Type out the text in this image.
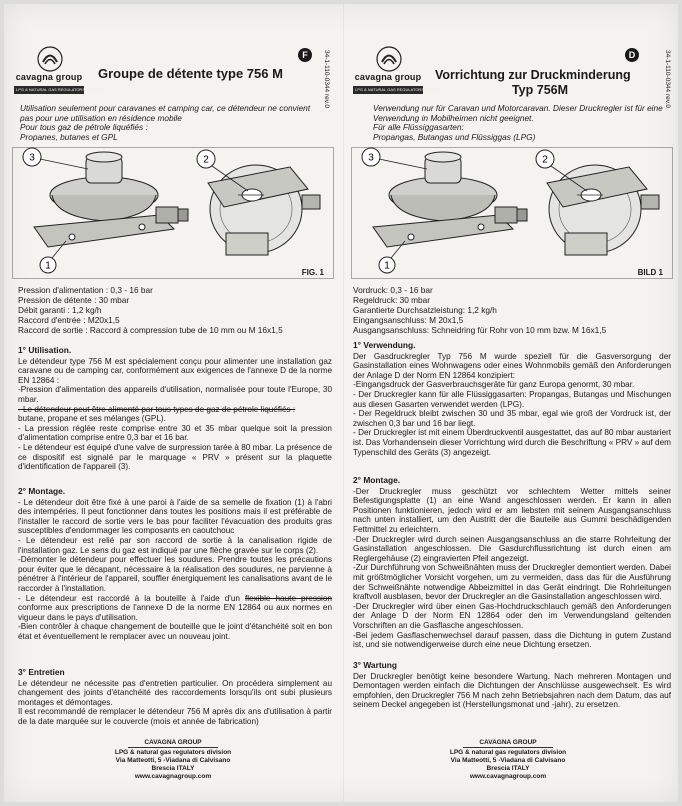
cavagna group
LPG & NATURAL GAS REGULATORS DIVISION
Groupe de détente type 756 M
F	34-1-110-0344 rev.0
Utilisation seulement pour caravanes et camping car, ce détendeur ne convient
pas pour une utilisation en résidence mobile
Pour tous gaz de pétrole liquéfiés :
Propanes, butanes et GPL
3
1
2
FIG. 1
Pression d'alimentation : 0,3 - 16 bar
Pression de détente : 30 mbar
Débit garanti : 1,2 kg/h
Raccord d'entrée : M20x1,5
Raccord de sortie : Raccord à compression tube de 10 mm ou M 16x1,5
1° Utilisation.

Le détendeur type 756 M est spécialement conçu pour alimenter une installation gaz caravane ou de camping car, conformément aux exigences de l'annexe D de la norme EN 12864 :

-Pression d'alimentation des appareils d'utilisation, normalisée pour toute l'Europe, 30 mbar.

- Le détendeur peut être alimenté par tous types de gaz de pétrole liquéfiés :
butane, propane et ses mélanges (GPL).

- La pression réglée reste comprise entre 30 et 35 mbar quelque soit la pression d'alimentation comprise entre 0,3 bar et 16 bar.

- Le détendeur est équipé d'une valve de surpression tarée à 80 mbar. La présence de ce dispositif est signalé par le marquage « PRV » présent sur la plaquette d'identification de l'appareil (3).

2° Montage.

- Le détendeur doit être fixé à une paroi à l'aide de sa semelle de fixation (1) à l'abri des intempéries. Il peut fonctionner dans toutes les positions mais il est préférable de l'installer le raccord de sortie vers le bas pour faciliter l'évacuation des produits gras susceptibles d'endommager les composants en caoutchouc

- Le détendeur est relié par son raccord de sortie à la canalisation rigide de l'installation gaz. Le sens du gaz est indiqué par une flèche gravée sur le corps (2).

-Démonter le détendeur pour effectuer les soudures. Prendre toutes les précautions pour éviter que le décapant, nécessaire à la réalisation des soudures, ne parvienne à pénétrer à l'intérieur de l'appareil, souffler énergiquement les canalisations avant de le raccorder à l'installation.

- Le détendeur est raccordé à la bouteille à l'aide d'un flexible haute pression conforme aux prescriptions de l'annexe D de la norme EN 12864 ou aux normes en vigueur dans le pays d'utilisation.

-Bien contrôler à chaque changement de bouteille que le joint d'étanchéité soit en bon état et éventuellement le remplacer avec un nouveau joint.

3° Entretien

Le détendeur ne nécessite pas d'entretien particulier. On procédera simplement au changement des joints d'étanchéité des raccordements lorsqu'ils ont subi plusieurs montages et démontages.

Il est recommandé de remplacer le détendeur 756 M après dix ans d'utilisation à partir de la date marquée sur le couvercle (mois et année de fabrication)

CAVAGNA GROUP
LPG & natural gas regulators division
Via Matteotti, 5 -Viadana di Calvisano
Brescia ITALY
www.cavagnagroup.com
cavagna group
LPG & NATURAL GAS REGULATORS DIVISION
Vorrichtung zur Druckminderung
Typ 756M
D	34-1-110-0344 rev.0
Verwendung nur für Caravan und Motorcaravan. Dieser Druckregler ist für eine
Verwendung in Mobilheimen nicht geeignet.
Für alle Flüssiggasarten:
Propangas, Butangas und Flüssiggas (LPG)
3
1
2
BILD 1
Vordruck: 0,3 - 16 bar
Regeldruck: 30 mbar
Garantierte Durchsatzleistung: 1,2 kg/h
Eingangsanschluss: M 20x1,5
Ausgangsanschluss: Schneidring für Rohr von 10 mm bzw. M 16x1,5
1° Verwendung.

Der Gasdruckregler Typ 756 M wurde speziell für die Gasversorgung der Gasinstallation eines Wohnwagens oder eines Wohnmobils gemäß den Anforderungen der Anlage D der Norm EN 12864 konzipiert:

-Eingangsdruck der Gasverbrauchsgeräte für ganz Europa genormt, 30 mbar.

- Der Druckregler kann für alle Flüssiggasarten: Propangas, Butangas und Mischungen aus diesen Gasarten verwendet werden (LPG).

- Der Regeldruck bleibt zwischen 30 und 35 mbar, egal wie groß der Vordruck ist, der zwischen 0,3 bar und 16 bar liegt.

- Der Druckregler ist mit einem Überdruckventil ausgestattet, das auf 80 mbar austariert ist. Das Vorhandensein dieser Vorrichtung wird durch die Beschriftung « PRV » auf dem Typenschild des Geräts (3) angezeigt.

2° Montage.

-Der Druckregler muss geschützt vor schlechtem Wetter mittels seiner Befestigungsplatte (1) an eine Wand angeschlossen werden. Er kann in allen Positionen funktionieren, jedoch wird er am liebsten mit seinem Ausgangsanschluss nach unten installiert, um den Austritt der die Bauteile aus Gummi beschädigenden Fettmittel zu erleichtern.

-Der Druckregler wird durch seinen Ausgangsanschluss an die starre Rohrleitung der Gasinstallation angeschlossen. Die Gasdurchflussrichtung ist durch einen am Reglergehäuse (2) eingravierten Pfeil angezeigt.

-Zur Durchführung von Schweißnähten muss der Druckregler demontiert werden. Dabei mit größtmöglicher Vorsicht vorgehen, um zu vermeiden, dass das für die Ausführung der Schweißnähte notwendige Abbeizmittel in das Gerät eindringt. Die Rohrleitungen kraftvoll ausblasen, bevor der Druckregler an die Gasinstallation angeschlossen wird.

-Der Druckregler wird über einen Gas-Hochdruckschlauch gemäß den Anforderungen der Anlage D der Norm EN 12864 oder den im Verwendungsland geltenden Vorschriften an die Gasflasche angeschlossen.

-Bei jedem Gasflaschenwechsel darauf passen, dass die Dichtung in gutem Zustand ist, und sie notwendigerweise durch eine neue Dichtung ersetzen.

3° Wartung

Der Druckregler benötigt keine besondere Wartung. Nach mehreren Montagen und Demontagen werden einfach die Dichtungen der Anschlüsse ausgewechselt. Es wird empfohlen, den Druckregler 756 M nach zehn Betriebsjahren nach dem Datum, das auf seinem Deckel angegeben ist (Herstellungsmonat und -jahr), zu ersetzen.

CAVAGNA GROUP
LPG & natural gas regulators division
Via Matteotti, 5 -Viadana di Calvisano
Brescia ITALY
www.cavagnagroup.com
